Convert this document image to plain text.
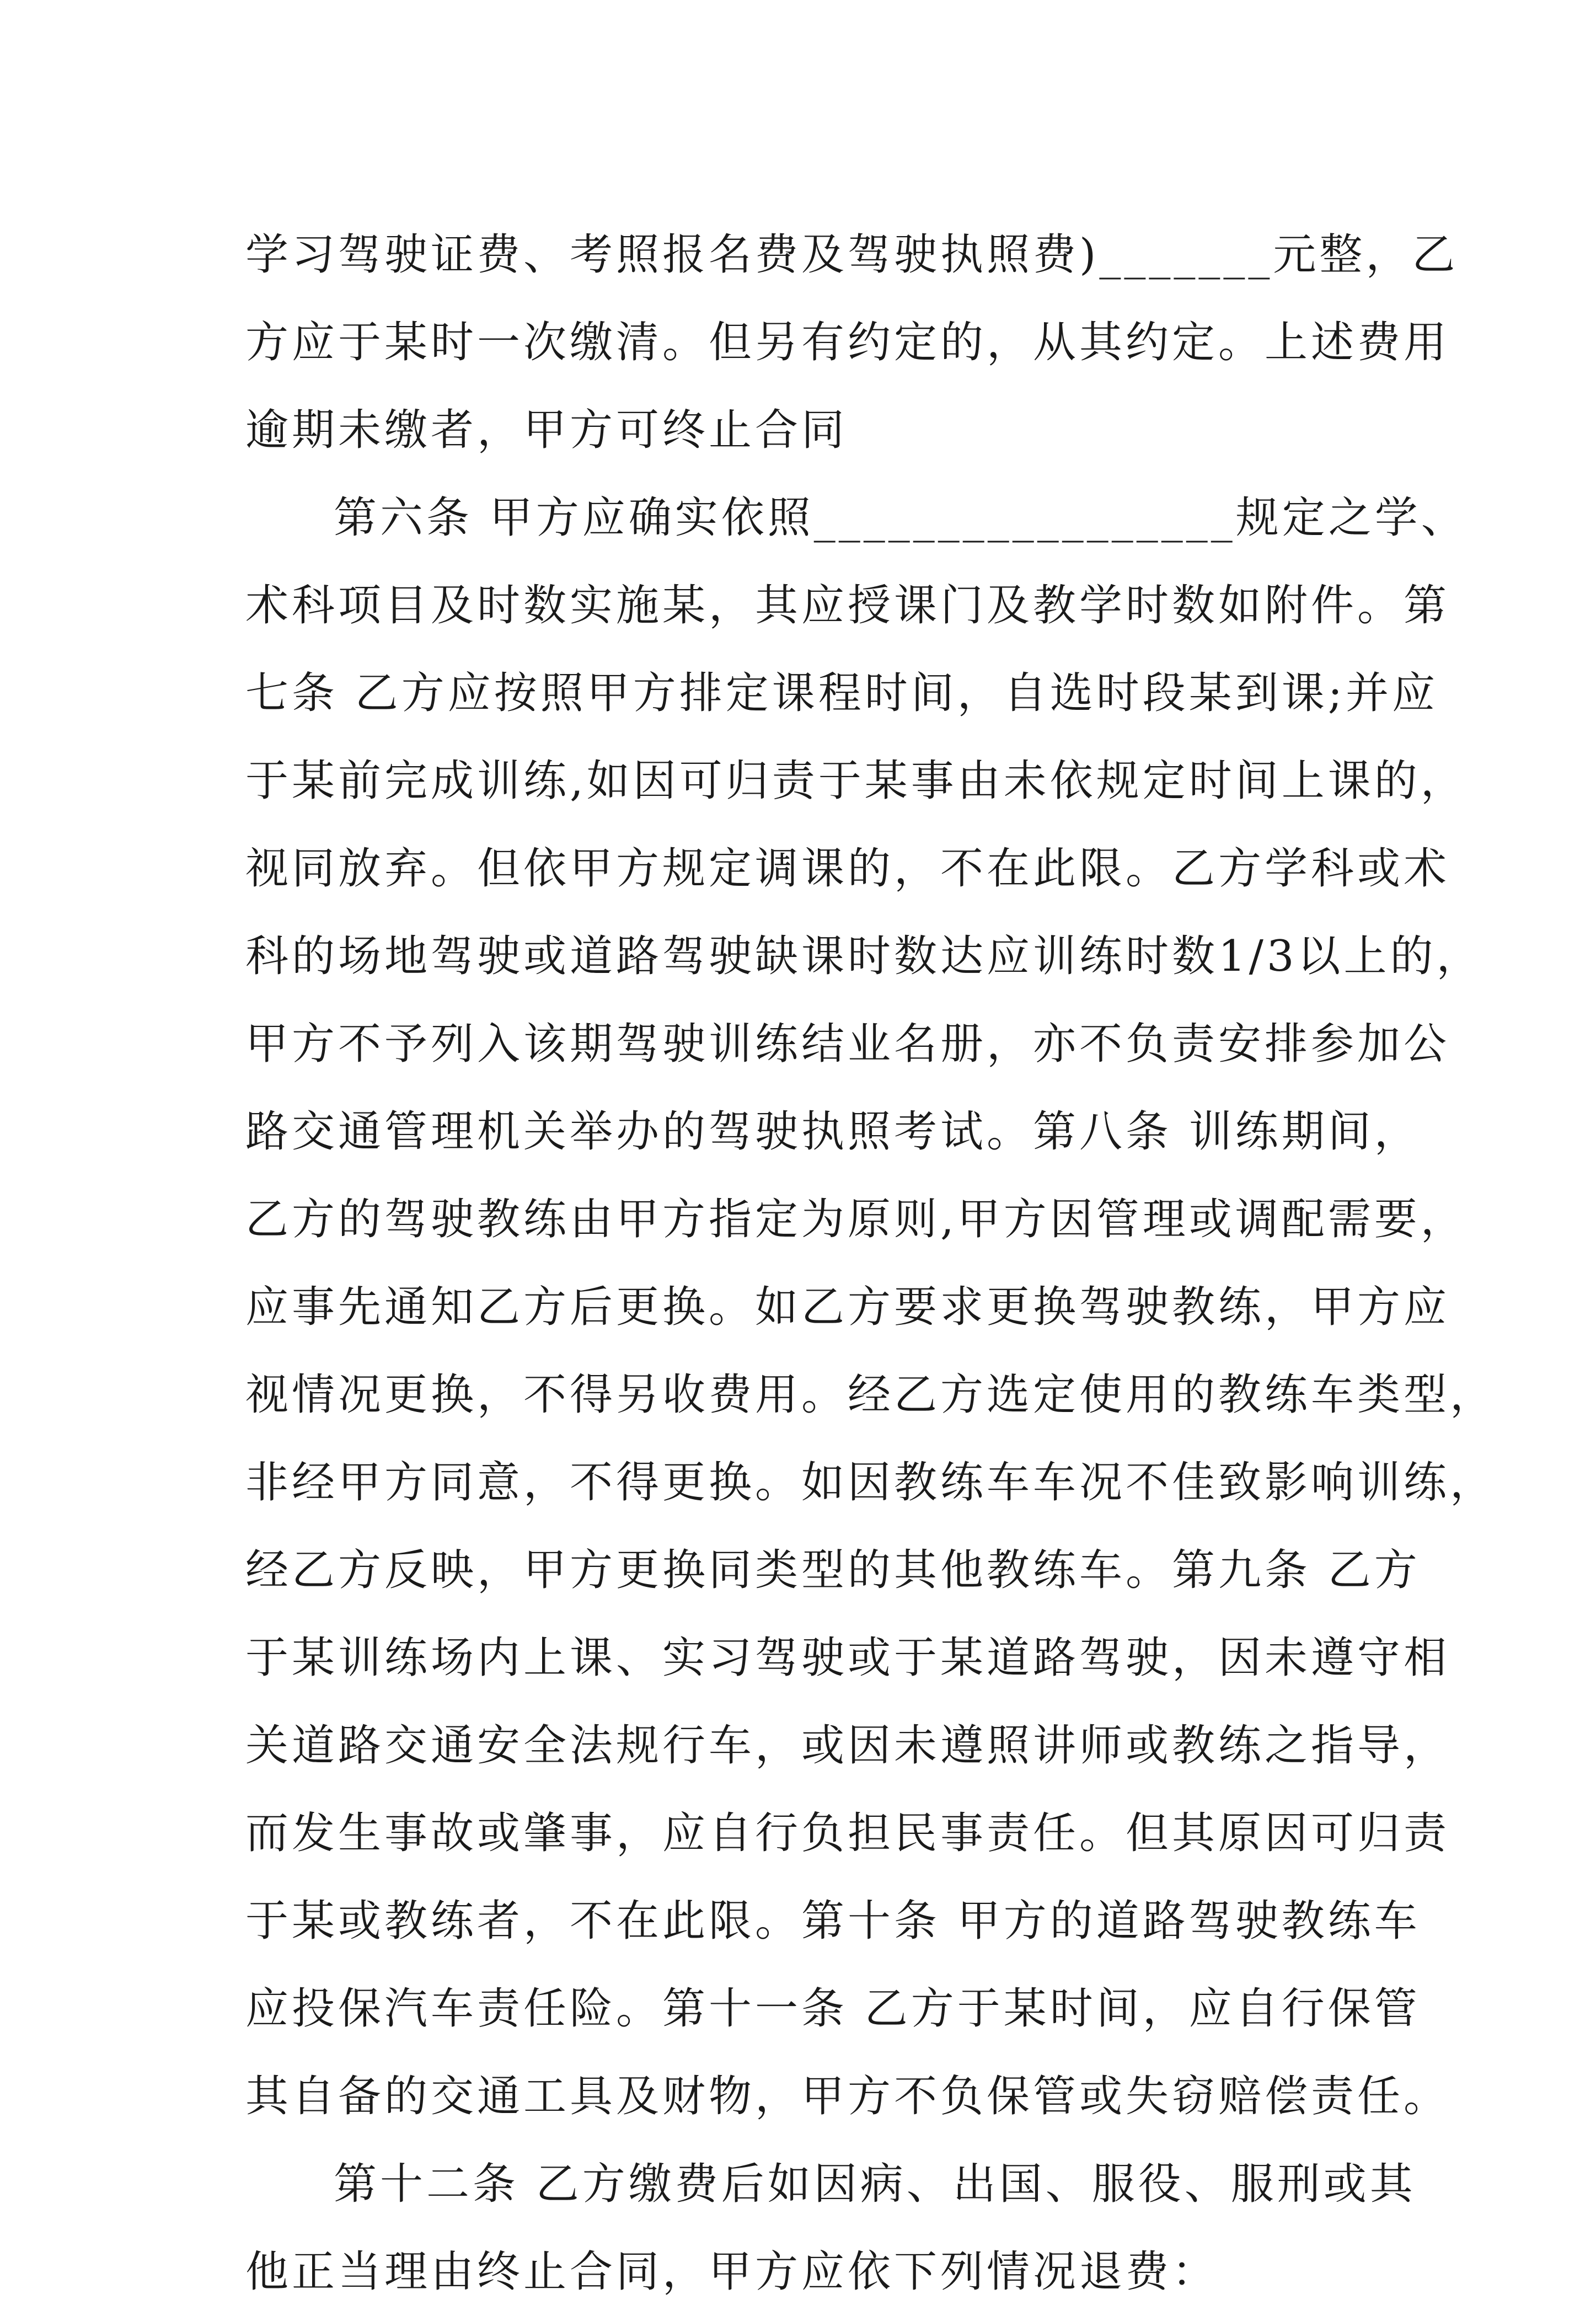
学习驾驶证费、考照报名费及驾驶执照费)_______元整，乙
方应于某时一次缴清。但另有约定的，从其约定。上述费用
逾期未缴者，甲方可终止合同
第六条 甲方应确实依照_________________规定之学、
术科项目及时数实施某，其应授课门及教学时数如附件。第
七条 乙方应按照甲方排定课程时间，自选时段某到课;并应
于某前完成训练,如因可归责于某事由未依规定时间上课的，
视同放弃。但依甲方规定调课的，不在此限。乙方学科或术
科的场地驾驶或道路驾驶缺课时数达应训练时数1/3以上的，
甲方不予列入该期驾驶训练结业名册，亦不负责安排参加公
路交通管理机关举办的驾驶执照考试。第八条 训练期间，
乙方的驾驶教练由甲方指定为原则,甲方因管理或调配需要，
应事先通知乙方后更换。如乙方要求更换驾驶教练，甲方应
视情况更换，不得另收费用。经乙方选定使用的教练车类型，
非经甲方同意，不得更换。如因教练车车况不佳致影响训练，
经乙方反映，甲方更换同类型的其他教练车。第九条 乙方
于某训练场内上课、实习驾驶或于某道路驾驶，因未遵守相
关道路交通安全法规行车，或因未遵照讲师或教练之指导，
而发生事故或肇事，应自行负担民事责任。但其原因可归责
于某或教练者，不在此限。第十条 甲方的道路驾驶教练车
应投保汽车责任险。第十一条 乙方于某时间，应自行保管
其自备的交通工具及财物，甲方不负保管或失窃赔偿责任。
第十二条 乙方缴费后如因病、出国、服役、服刑或其
他正当理由终止合同，甲方应依下列情况退费：
